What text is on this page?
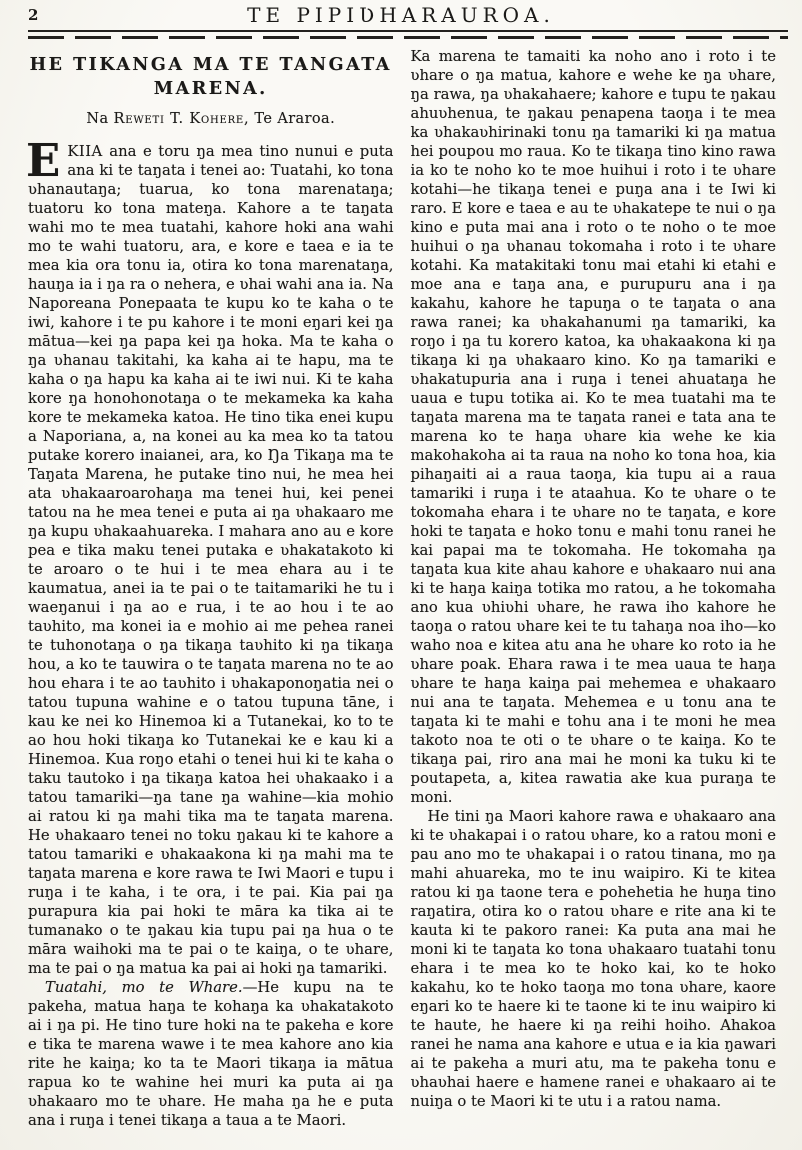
2	TE PIPIƲHARAUROA.
HE TIKANGA MA TE TANGATA
MARENA.
Na Reweti T. Kohere, Te Araroa.

EKIIA ana e toru ŋa mea tino nunui e puta ana ki te taŋata i tenei ao: Tuatahi, ko tona ʋhanautaŋa; tuarua, ko tona marenataŋa; tuatoru ko tona mateŋa. Kahore a te taŋata wahi mo te mea tuatahi, kahore hoki ana wahi mo te wahi tuatoru, ara, e kore e taea e ia te mea kia ora tonu ia, otira ko tona marenataŋa, hauŋa ia i ŋa ra o nehera, e ʋhai wahi ana ia. Na Naporeana Ponepaata te kupu ko te kaha o te iwi, kahore i te pu kahore i te moni eŋari kei ŋa mātua—kei ŋa papa kei ŋa hoka. Ma te kaha o ŋa ʋhanau takitahi, ka kaha ai te hapu, ma te kaha o ŋa hapu ka kaha ai te iwi nui. Ki te kaha kore ŋa honohonotaŋa o te mekameka ka kaha kore te mekameka katoa. He tino tika enei kupu a Naporiana, a, na konei au ka mea ko ta tatou putake korero inaianei, ara, ko Ŋa Tikaŋa ma te Taŋata Marena, he putake tino nui, he mea hei ata ʋhakaaroarohaŋa ma tenei hui, kei penei tatou na he mea tenei e puta ai ŋa ʋhakaaro me ŋa kupu ʋhakaahuareka. I mahara ano au e kore pea e tika maku tenei putaka e ʋhakatakoto ki te aroaro o te hui i te mea ehara au i te kaumatua, anei ia te pai o te taitamariki he tu i waeŋanui i ŋa ao e rua, i te ao hou i te ao taʋhito, ma konei ia e mohio ai me pehea ranei te tuhonotaŋa o ŋa tikaŋa taʋhito ki ŋa tikaŋa hou, a ko te tauwira o te taŋata marena no te ao hou ehara i te ao taʋhito i ʋhakaponoŋatia nei o tatou tupuna wahine e o tatou tupuna tāne, i kau ke nei ko Hinemoa ki a Tutanekai, ko to te ao hou hoki tikaŋa ko Tutanekai ke e kau ki a Hinemoa. Kua roŋo etahi o tenei hui ki te kaha o taku tautoko i ŋa tikaŋa katoa hei ʋhakaako i a tatou tamariki—ŋa tane ŋa wahine—kia mohio ai ratou ki ŋa mahi tika ma te taŋata marena. He ʋhakaaro tenei no toku ŋakau ki te kahore a tatou tamariki e ʋhakaakona ki ŋa mahi ma te taŋata marena e kore rawa te Iwi Maori e tupu i ruŋa i te kaha, i te ora, i te pai. Kia pai ŋa purapura kia pai hoki te māra ka tika ai te tumanako o te ŋakau kia tupu pai ŋa hua o te māra waihoki ma te pai o te kaiŋa, o te ʋhare, ma te pai o ŋa matua ka pai ai hoki ŋa tamariki.

Tuatahi, mo te Whare.—He kupu na te pakeha, matua haŋa te kohaŋa ka ʋhakatakoto ai i ŋa pi. He tino ture hoki na te pakeha e kore e tika te marena wawe i te mea kahore ano kia rite he kaiŋa; ko ta te Maori tikaŋa ia mātua rapua ko te wahine hei muri ka puta ai ŋa ʋhakaaro mo te ʋhare. He maha ŋa he e puta ana i ruŋa i tenei tikaŋa a taua a te Maori.

Ka marena te tamaiti ka noho ano i roto i te ʋhare o ŋa matua, kahore e wehe ke ŋa ʋhare, ŋa rawa, ŋa ʋhakahaere; kahore e tupu te ŋakau ahuʋhenua, te ŋakau penapena taoŋa i te mea ka ʋhakaʋhirinaki tonu ŋa tamariki ki ŋa matua hei poupou mo raua. Ko te tikaŋa tino kino rawa ia ko te noho ko te moe huihui i roto i te ʋhare kotahi—he tikaŋa tenei e puŋa ana i te Iwi ki raro. E kore e taea e au te ʋhakatepe te nui o ŋa kino e puta mai ana i roto o te noho o te moe huihui o ŋa ʋhanau tokomaha i roto i te ʋhare kotahi. Ka matakitaki tonu mai etahi ki etahi e moe ana e taŋa ana, e purupuru ana i ŋa kakahu, kahore he tapuŋa o te taŋata o ana rawa ranei; ka ʋhakahanumi ŋa tamariki, ka roŋo i ŋa tu korero katoa, ka ʋhakaakona ki ŋa tikaŋa ki ŋa ʋhakaaro kino. Ko ŋa tamariki e ʋhakatupuria ana i ruŋa i tenei ahuataŋa he uaua e tupu totika ai. Ko te mea tuatahi ma te taŋata marena ma te taŋata ranei e tata ana te marena ko te haŋa ʋhare kia wehe ke kia makohakoha ai ta raua na noho ko tona hoa, kia pihaŋaiti ai a raua taoŋa, kia tupu ai a raua tamariki i ruŋa i te ataahua. Ko te ʋhare o te tokomaha ehara i te ʋhare no te taŋata, e kore hoki te taŋata e hoko tonu e mahi tonu ranei he kai papai ma te tokomaha. He tokomaha ŋa taŋata kua kite ahau kahore e ʋhakaaro nui ana ki te haŋa kaiŋa totika mo ratou, a he tokomaha ano kua ʋhiʋhi ʋhare, he rawa iho kahore he taoŋa o ratou ʋhare kei te tu tahaŋa noa iho—ko waho noa e kitea atu ana he ʋhare ko roto ia he ʋhare poak. Ehara rawa i te mea uaua te haŋa ʋhare te haŋa kaiŋa pai mehemea e ʋhakaaro nui ana te taŋata. Mehemea e u tonu ana te taŋata ki te mahi e tohu ana i te moni he mea takoto noa te oti o te ʋhare o te kaiŋa. Ko te tikaŋa pai, riro ana mai he moni ka tuku ki te poutapeta, a, kitea rawatia ake kua puraŋa te moni.

He tini ŋa Maori kahore rawa e ʋhakaaro ana ki te ʋhakapai i o ratou ʋhare, ko a ratou moni e pau ano mo te ʋhakapai i o ratou tinana, mo ŋa mahi ahuareka, mo te inu waipiro. Ki te kitea ratou ki ŋa taone tera e pohehetia he huŋa tino raŋatira, otira ko o ratou ʋhare e rite ana ki te kauta ki te pakoro ranei: Ka puta ana mai he moni ki te taŋata ko tona ʋhakaaro tuatahi tonu ehara i te mea ko te hoko kai, ko te hoko kakahu, ko te hoko taoŋa mo tona ʋhare, kaore eŋari ko te haere ki te taone ki te inu waipiro ki te haute, he haere ki ŋa reihi hoiho. Ahakoa ranei he nama ana kahore e utua e ia kia ŋawari ai te pakeha a muri atu, ma te pakeha tonu e ʋhaʋhai haere e hamene ranei e ʋhakaaro ai te nuiŋa o te Maori ki te utu i a ratou nama.
